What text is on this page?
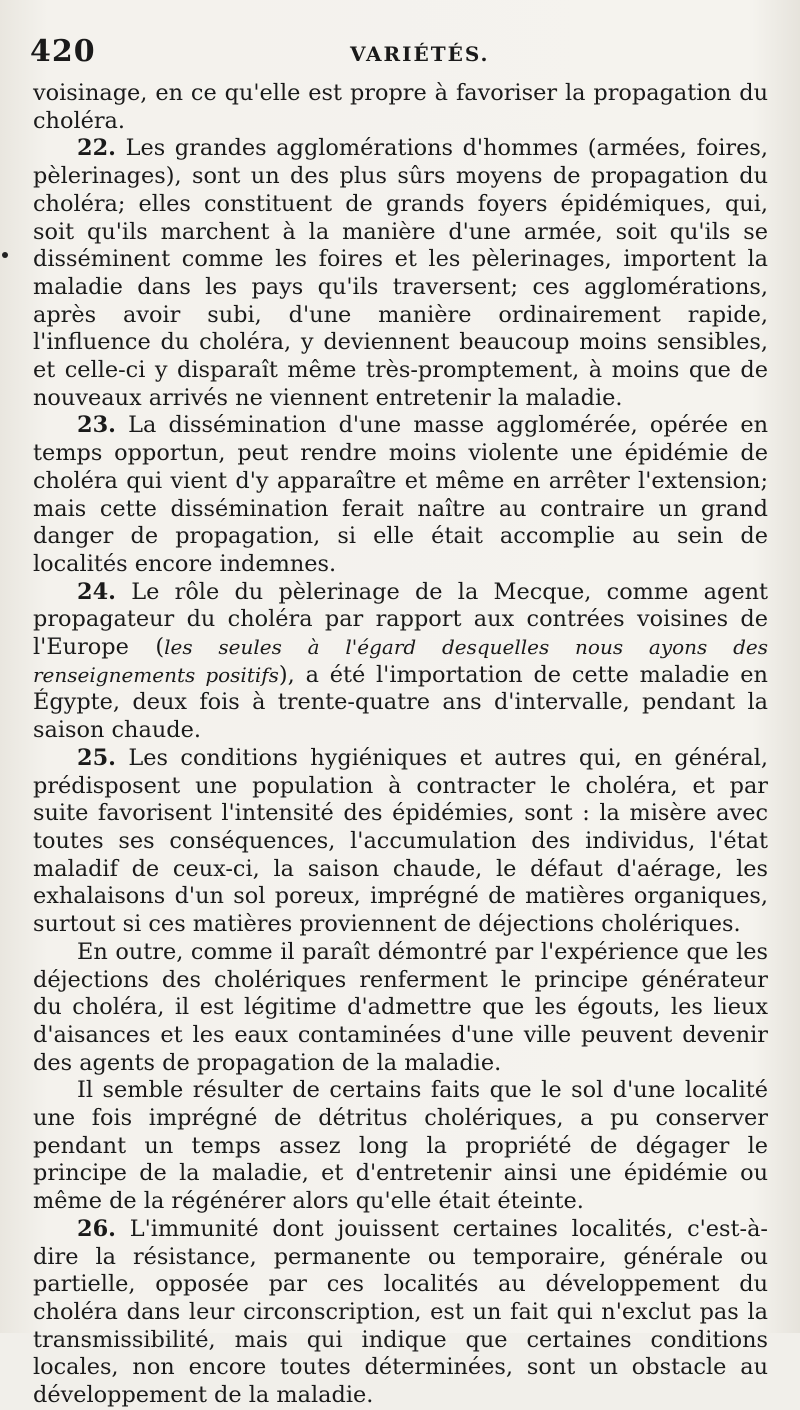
420	VARIÉTÉS.

voisinage, en ce qu'elle est propre à favoriser la propagation du choléra.

22. Les grandes agglomérations d'hommes (armées, foires, pèlerinages), sont un des plus sûrs moyens de propagation du choléra; elles constituent de grands foyers épidémiques, qui, soit qu'ils marchent à la manière d'une armée, soit qu'ils se disséminent comme les foires et les pèlerinages, importent la maladie dans les pays qu'ils traversent; ces agglomérations, après avoir subi, d'une manière ordinairement rapide, l'influence du choléra, y deviennent beaucoup moins sensibles, et celle-ci y disparaît même très-promptement, à moins que de nouveaux arrivés ne viennent entretenir la maladie.

23. La dissémination d'une masse agglomérée, opérée en temps opportun, peut rendre moins violente une épidémie de choléra qui vient d'y apparaître et même en arrêter l'extension; mais cette dissémination ferait naître au contraire un grand danger de propagation, si elle était accomplie au sein de localités encore indemnes.

24. Le rôle du pèlerinage de la Mecque, comme agent propagateur du choléra par rapport aux contrées voisines de l'Europe (les seules à l'égard desquelles nous ayons des renseignements positifs), a été l'importation de cette maladie en Égypte, deux fois à trente-quatre ans d'intervalle, pendant la saison chaude.

25. Les conditions hygiéniques et autres qui, en général, prédisposent une population à contracter le choléra, et par suite favorisent l'intensité des épidémies, sont : la misère avec toutes ses conséquences, l'accumulation des individus, l'état maladif de ceux-ci, la saison chaude, le défaut d'aérage, les exhalaisons d'un sol poreux, imprégné de matières organiques, surtout si ces matières proviennent de déjections cholériques.

En outre, comme il paraît démontré par l'expérience que les déjections des cholériques renferment le principe générateur du choléra, il est légitime d'admettre que les égouts, les lieux d'aisances et les eaux contaminées d'une ville peuvent devenir des agents de propagation de la maladie.

Il semble résulter de certains faits que le sol d'une localité une fois imprégné de détritus cholériques, a pu conserver pendant un temps assez long la propriété de dégager le principe de la maladie, et d'entretenir ainsi une épidémie ou même de la régénérer alors qu'elle était éteinte.

26. L'immunité dont jouissent certaines localités, c'est-à-dire la résistance, permanente ou temporaire, générale ou partielle, opposée par ces localités au développement du choléra dans leur circonscription, est un fait qui n'exclut pas la transmissibilité, mais qui indique que certaines conditions locales, non encore toutes déterminées, sont un obstacle au développement de la maladie.
